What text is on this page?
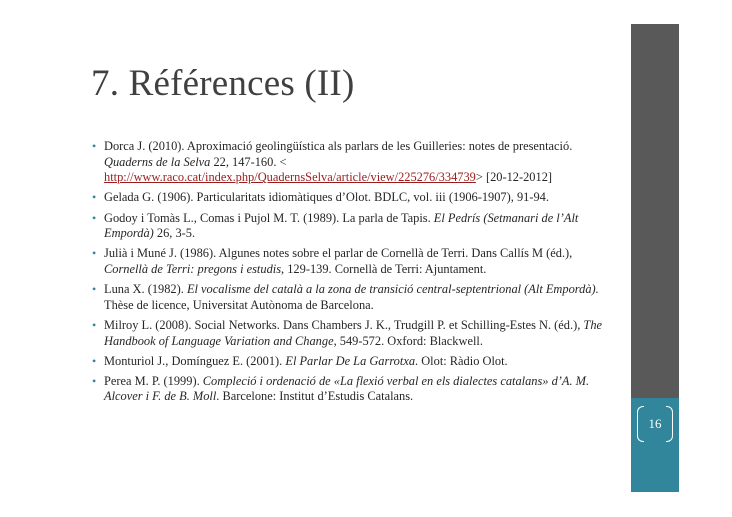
16
7. Références (II)
• Dorca J. (2010). Aproximació geolingüística als parlars de les Guilleries: notes de presentació. Quaderns de la Selva 22, 147-160. <
http://www.raco.cat/index.php/QuadernsSelva/article/view/225276/334739> [20-12-2012]
• Gelada G. (1906). Particularitats idiomàtiques d’Olot. BDLC, vol. iii (1906-1907), 91-94.
• Godoy i Tomàs L., Comas i Pujol M. T. (1989). La parla de Tapis. El Pedrís (Setmanari de l’Alt Empordà) 26, 3-5.
• Julià i Muné J. (1986). Algunes notes sobre el parlar de Cornellà de Terri. Dans Callís M (éd.), Cornellà de Terri: pregons i estudis, 129-139. Cornellà de Terri: Ajuntament.
• Luna X. (1982). El vocalisme del català a la zona de transició central-septentrional (Alt Empordà). Thèse de licence, Universitat Autònoma de Barcelona.
• Milroy L. (2008). Social Networks. Dans Chambers J. K., Trudgill P. et Schilling-Estes N. (éd.), The Handbook of Language Variation and Change, 549-572. Oxford: Blackwell.
• Monturiol J., Domínguez E. (2001). El Parlar De La Garrotxa. Olot: Ràdio Olot.
• Perea M. P. (1999). Compleció i ordenació de «La flexió verbal en els dialectes catalans» d’A. M. Alcover i F. de B. Moll. Barcelone: Institut d’Estudis Catalans.
